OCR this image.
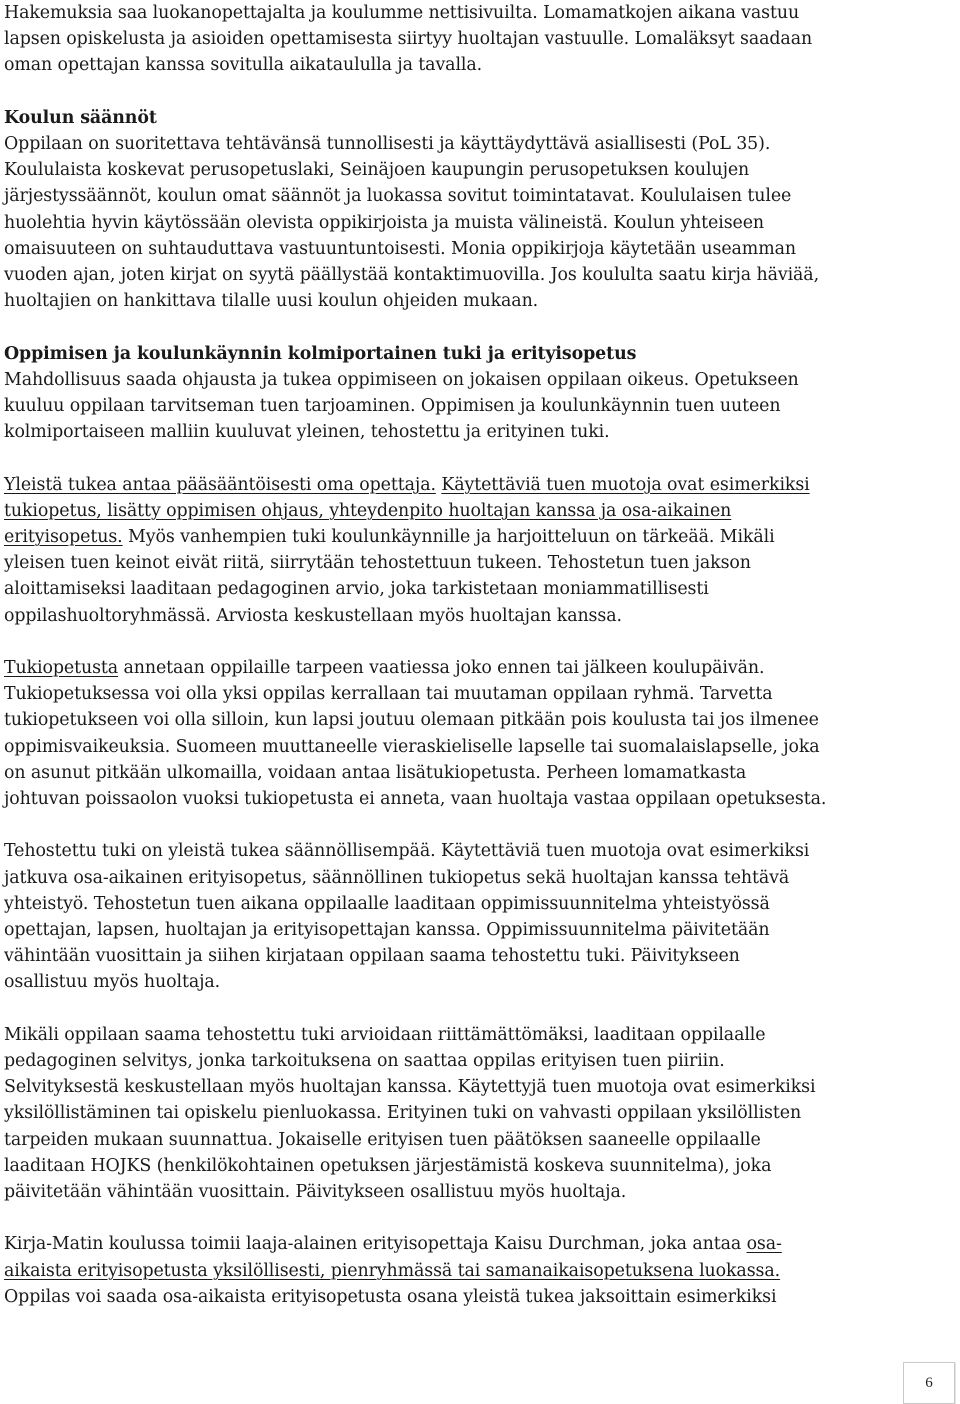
Hakemuksia saa luokanopettajalta ja koulumme nettisivuilta. Lomamatkojen aikana vastuu
lapsen opiskelusta ja asioiden opettamisesta siirtyy huoltajan vastuulle. Lomaläksyt saadaan
oman opettajan kanssa sovitulla aikataululla ja tavalla.
Koulun säännöt
Oppilaan on suoritettava tehtävänsä tunnollisesti ja käyttäydyttävä asiallisesti (PoL 35).
Koululaista koskevat perusopetuslaki, Seinäjoen kaupungin perusopetuksen koulujen
järjestyssäännöt, koulun omat säännöt ja luokassa sovitut toimintatavat. Koululaisen tulee
huolehtia hyvin käytössään olevista oppikirjoista ja muista välineistä. Koulun yhteiseen
omaisuuteen on suhtauduttava vastuuntuntoisesti. Monia oppikirjoja käytetään useamman
vuoden ajan, joten kirjat on syytä päällystää kontaktimuovilla. Jos koululta saatu kirja häviää,
huoltajien on hankittava tilalle uusi koulun ohjeiden mukaan.
Oppimisen ja koulunkäynnin kolmiportainen tuki ja erityisopetus
Mahdollisuus saada ohjausta ja tukea oppimiseen on jokaisen oppilaan oikeus. Opetukseen
kuuluu oppilaan tarvitseman tuen tarjoaminen. Oppimisen ja koulunkäynnin tuen uuteen
kolmiportaiseen malliin kuuluvat yleinen, tehostettu ja erityinen tuki.
Yleistä tukea antaa pääsääntöisesti oma opettaja. Käytettäviä tuen muotoja ovat esimerkiksi
tukiopetus, lisätty oppimisen ohjaus, yhteydenpito huoltajan kanssa ja osa-aikainen
erityisopetus. Myös vanhempien tuki koulunkäynnille ja harjoitteluun on tärkeää. Mikäli
yleisen tuen keinot eivät riitä, siirrytään tehostettuun tukeen. Tehostetun tuen jakson
aloittamiseksi laaditaan pedagoginen arvio, joka tarkistetaan moniammatillisesti
oppilashuoltoryhmässä. Arviosta keskustellaan myös huoltajan kanssa.
Tukiopetusta annetaan oppilaille tarpeen vaatiessa joko ennen tai jälkeen koulupäivän.
Tukiopetuksessa voi olla yksi oppilas kerrallaan tai muutaman oppilaan ryhmä. Tarvetta
tukiopetukseen voi olla silloin, kun lapsi joutuu olemaan pitkään pois koulusta tai jos ilmenee
oppimisvaikeuksia. Suomeen muuttaneelle vieraskieliselle lapselle tai suomalaislapselle, joka
on asunut pitkään ulkomailla, voidaan antaa lisätukiopetusta. Perheen lomamatkasta
johtuvan poissaolon vuoksi tukiopetusta ei anneta, vaan huoltaja vastaa oppilaan opetuksesta.
Tehostettu tuki on yleistä tukea säännöllisempää. Käytettäviä tuen muotoja ovat esimerkiksi
jatkuva osa-aikainen erityisopetus, säännöllinen tukiopetus sekä huoltajan kanssa tehtävä
yhteistyö. Tehostetun tuen aikana oppilaalle laaditaan oppimissuunnitelma yhteistyössä
opettajan, lapsen, huoltajan ja erityisopettajan kanssa. Oppimissuunnitelma päivitetään
vähintään vuosittain ja siihen kirjataan oppilaan saama tehostettu tuki. Päivitykseen
osallistuu myös huoltaja.
Mikäli oppilaan saama tehostettu tuki arvioidaan riittämättömäksi, laaditaan oppilaalle
pedagoginen selvitys, jonka tarkoituksena on saattaa oppilas erityisen tuen piiriin.
Selvityksestä keskustellaan myös huoltajan kanssa. Käytettyjä tuen muotoja ovat esimerkiksi
yksilöllistäminen tai opiskelu pienluokassa. Erityinen tuki on vahvasti oppilaan yksilöllisten
tarpeiden mukaan suunnattua. Jokaiselle erityisen tuen päätöksen saaneelle oppilaalle
laaditaan HOJKS (henkilökohtainen opetuksen järjestämistä koskeva suunnitelma), joka
päivitetään vähintään vuosittain. Päivitykseen osallistuu myös huoltaja.
Kirja-Matin koulussa toimii laaja-alainen erityisopettaja Kaisu Durchman, joka antaa osa-
aikaista erityisopetusta yksilöllisesti, pienryhmässä tai samanaikaisopetuksena luokassa.
Oppilas voi saada osa-aikaista erityisopetusta osana yleistä tukea jaksoittain esimerkiksi
6
